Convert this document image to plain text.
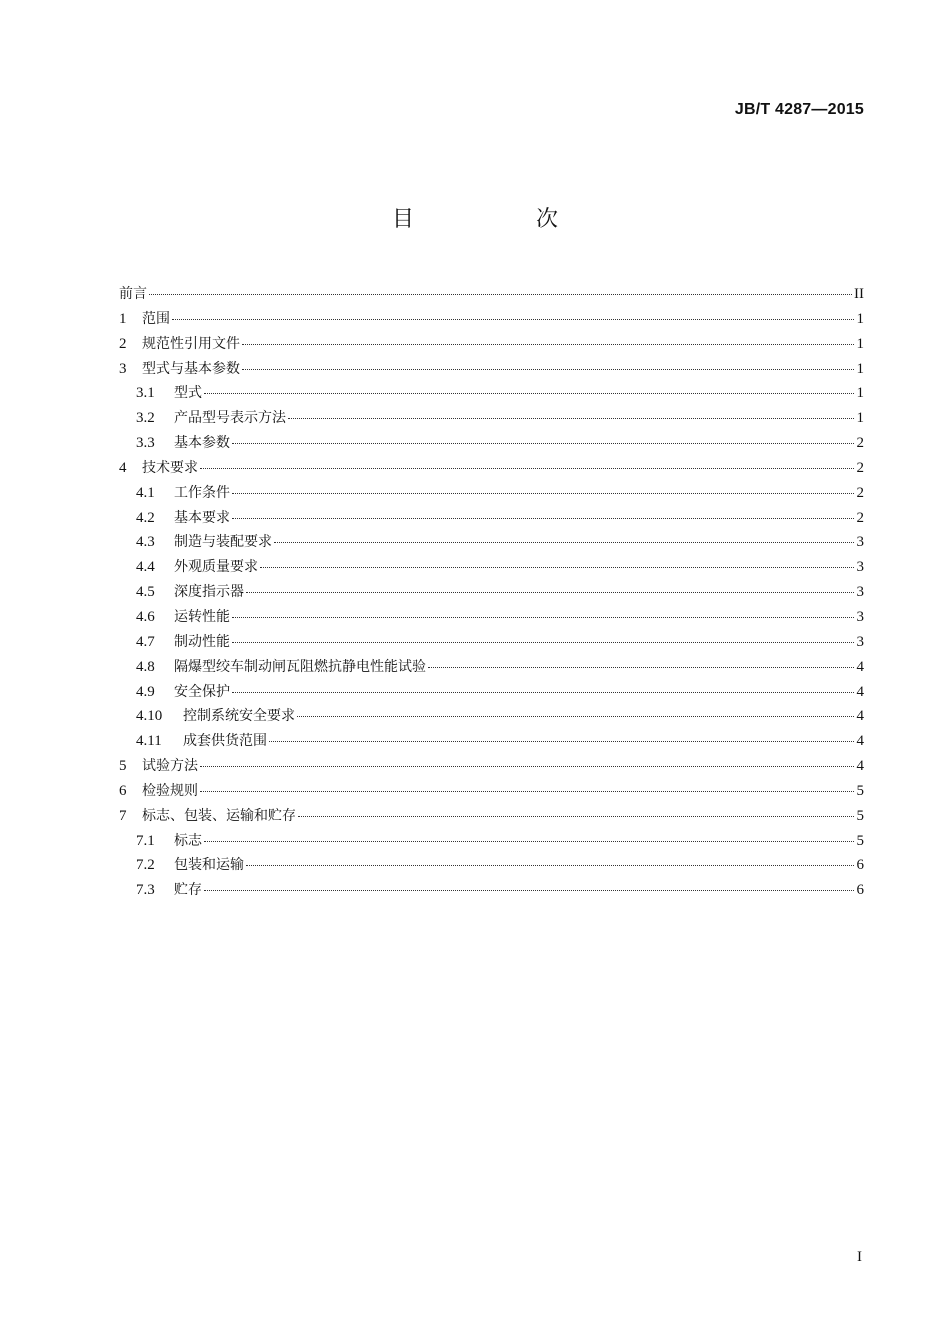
JB/T 4287—2015
目　次
前言	II
1	范围	1
2	规范性引用文件	1
3	型式与基本参数	1
3.1	型式	1
3.2	产品型号表示方法	1
3.3	基本参数	2
4	技术要求	2
4.1	工作条件	2
4.2	基本要求	2
4.3	制造与装配要求	3
4.4	外观质量要求	3
4.5	深度指示器	3
4.6	运转性能	3
4.7	制动性能	3
4.8	隔爆型绞车制动闸瓦阻燃抗静电性能试验	4
4.9	安全保护	4
4.10	控制系统安全要求	4
4.11	成套供货范围	4
5	试验方法	4
6	检验规则	5
7	标志、包装、运输和贮存	5
7.1	标志	5
7.2	包装和运输	6
7.3	贮存	6
I
